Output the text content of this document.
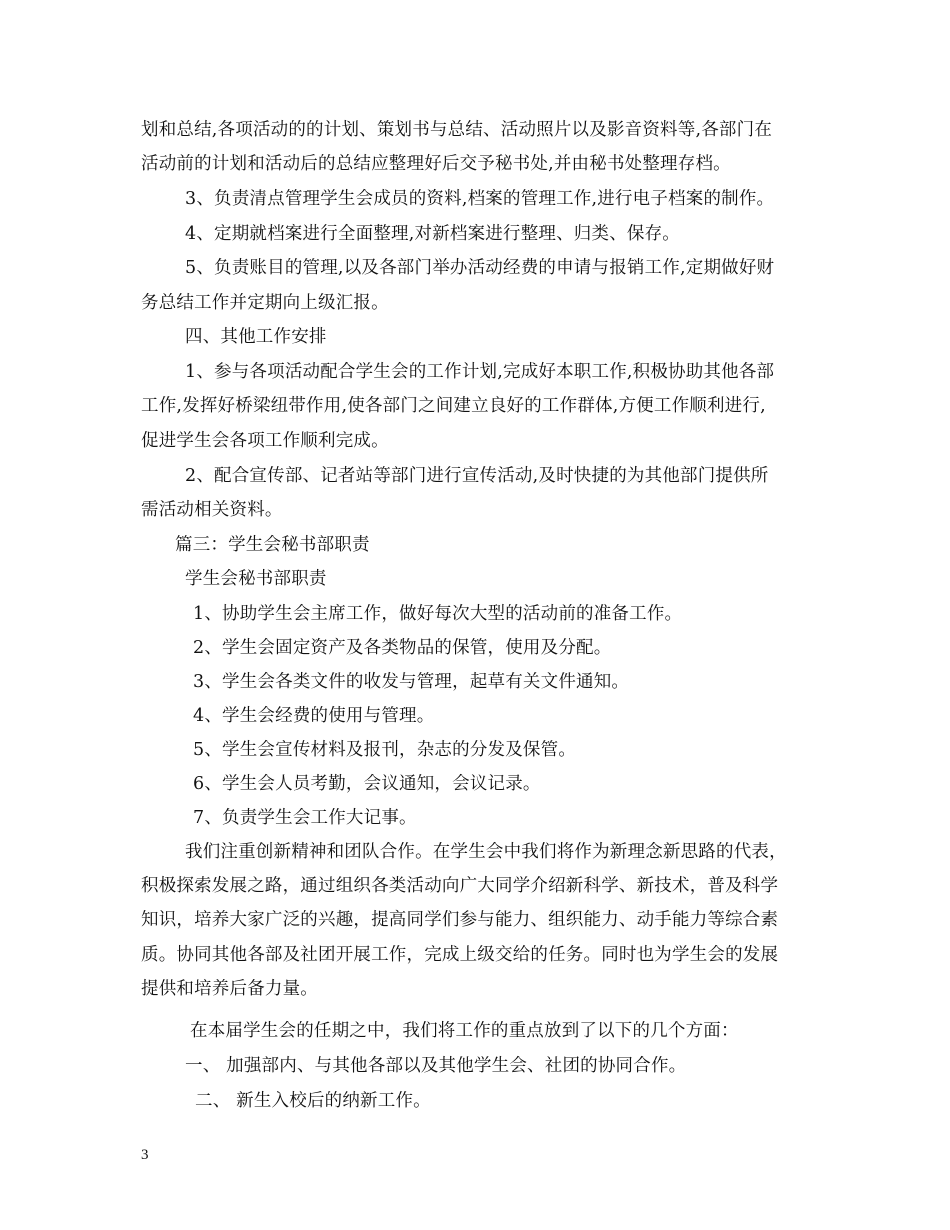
划和总结,各项活动的的计划、策划书与总结、活动照片以及影音资料等,各部门在
活动前的计划和活动后的总结应整理好后交予秘书处,并由秘书处整理存档。
3、负责清点管理学生会成员的资料,档案的管理工作,进行电子档案的制作。
4、定期就档案进行全面整理,对新档案进行整理、归类、保存。
5、负责账目的管理,以及各部门举办活动经费的申请与报销工作,定期做好财
务总结工作并定期向上级汇报。
四、其他工作安排
1、参与各项活动配合学生会的工作计划,完成好本职工作,积极协助其他各部
工作,发挥好桥梁纽带作用,使各部门之间建立良好的工作群体,方便工作顺利进行,
促进学生会各项工作顺利完成。
2、配合宣传部、记者站等部门进行宣传活动,及时快捷的为其他部门提供所
需活动相关资料。
篇三：学生会秘书部职责
学生会秘书部职责
1、协助学生会主席工作，做好每次大型的活动前的准备工作。
2、学生会固定资产及各类物品的保管，使用及分配。
3、学生会各类文件的收发与管理，起草有关文件通知。
4、学生会经费的使用与管理。
5、学生会宣传材料及报刊，杂志的分发及保管。
6、学生会人员考勤，会议通知，会议记录。
7、负责学生会工作大记事。
我们注重创新精神和团队合作。在学生会中我们将作为新理念新思路的代表，
积极探索发展之路，通过组织各类活动向广大同学介绍新科学、新技术，普及科学
知识，培养大家广泛的兴趣，提高同学们参与能力、组织能力、动手能力等综合素
质。协同其他各部及社团开展工作，完成上级交给的任务。同时也为学生会的发展
提供和培养后备力量。
在本届学生会的任期之中，我们将工作的重点放到了以下的几个方面：
一、 加强部内、与其他各部以及其他学生会、社团的协同合作。
二、 新生入校后的纳新工作。
3
